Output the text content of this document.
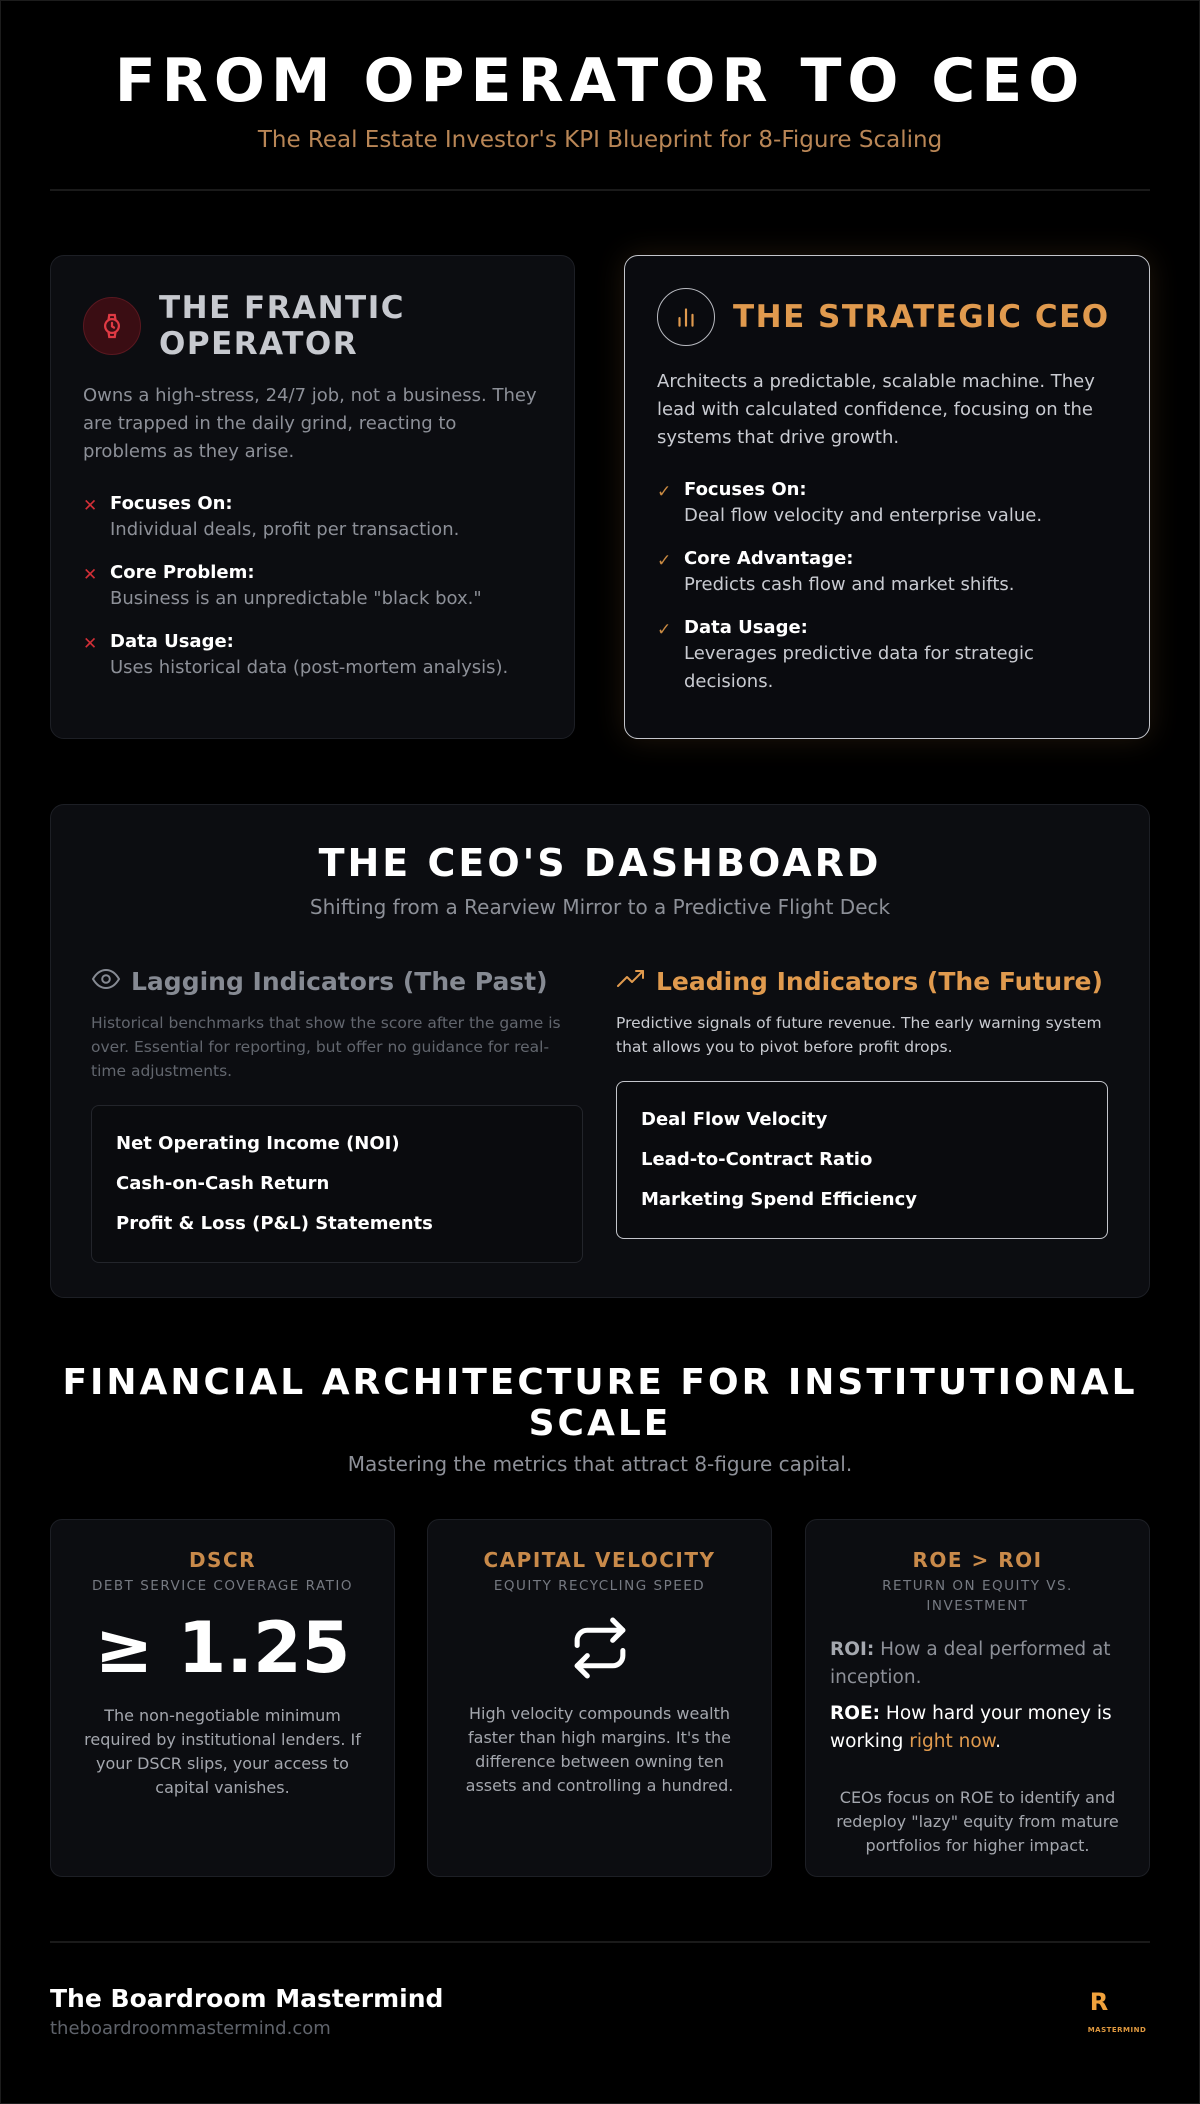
FROM OPERATOR TO CEO
The Real Estate Investor's KPI Blueprint for 8-Figure Scaling
THE FRANTIC OPERATOR

Owns a high-stress, 24/7 job, not a business. They are trapped in the daily grind, reacting to problems as they arise.

✕ Focuses On:
Individual deals, profit per transaction.
✕ Core Problem:
Business is an unpredictable "black box."
✕ Data Usage:
Uses historical data (post-mortem analysis).
THE STRATEGIC CEO

Architects a predictable, scalable machine. They lead with calculated confidence, focusing on the systems that drive growth.

✓ Focuses On:
Deal flow velocity and enterprise value.
✓ Core Advantage:
Predicts cash flow and market shifts.
✓ Data Usage:
Leverages predictive data for strategic decisions.
THE CEO'S DASHBOARD
Shifting from a Rearview Mirror to a Predictive Flight Deck
Lagging Indicators (The Past)

Historical benchmarks that show the score after the game is over. Essential for reporting, but offer no guidance for real-time adjustments.

Net Operating Income (NOI)
Cash-on-Cash Return
Profit & Loss (P&L) Statements
Leading Indicators (The Future)

Predictive signals of future revenue. The early warning system that allows you to pivot before profit drops.

Deal Flow Velocity
Lead-to-Contract Ratio
Marketing Spend Efficiency
FINANCIAL ARCHITECTURE FOR INSTITUTIONAL SCALE
Mastering the metrics that attract 8-figure capital.
DSCR
DEBT SERVICE COVERAGE RATIO
≥ 1.25

The non-negotiable minimum required by institutional lenders. If your DSCR slips, your access to capital vanishes.

CAPITAL VELOCITY
EQUITY RECYCLING SPEED

High velocity compounds wealth faster than high margins. It's the difference between owning ten assets and controlling a hundred.

ROE > ROI
RETURN ON EQUITY VS. INVESTMENT

ROI: How a deal performed at inception.

ROE: How hard your money is working right now.

CEOs focus on ROE to identify and redeploy "lazy" equity from mature portfolios for higher impact.

The Boardroom Mastermind
theboardroommastermind.com
R
MASTERMIND
